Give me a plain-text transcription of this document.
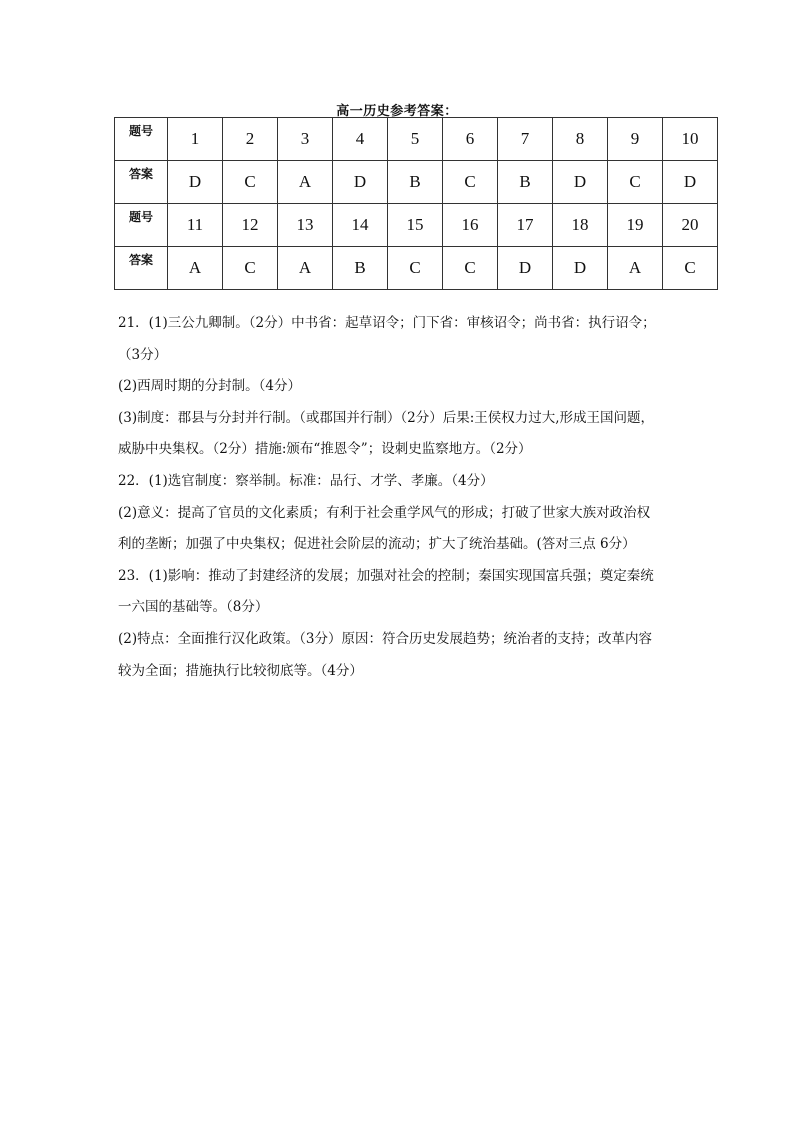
高一历史参考答案：
题号	1	2	3	4	5	6	7	8	9	10
答案	D	C	A	D	B	C	B	D	C	D
题号	11	12	13	14	15	16	17	18	19	20
答案	A	C	A	B	C	C	D	D	A	C

21．(1)三公九卿制。（2分）中书省：起草诏令；门下省：审核诏令；尚书省：执行诏令；

（3分）

(2)西周时期的分封制。（4分）

(3)制度：郡县与分封并行制。（或郡国并行制）（2分）后果:王侯权力过大,形成王国问题，

威胁中央集权。（2分）措施:颁布“推恩令”；设刺史监察地方。（2分）

22．(1)选官制度：察举制。标准：品行、才学、孝廉。（4分）

(2)意义：提高了官员的文化素质；有利于社会重学风气的形成；打破了世家大族对政治权

利的垄断；加强了中央集权；促进社会阶层的流动；扩大了统治基础。(答对三点 6分）

23．(1)影响：推动了封建经济的发展；加强对社会的控制；秦国实现国富兵强；奠定秦统

一六国的基础等。（8分）

(2)特点：全面推行汉化政策。（3分）原因：符合历史发展趋势；统治者的支持；改革内容

较为全面；措施执行比较彻底等。（4分）
